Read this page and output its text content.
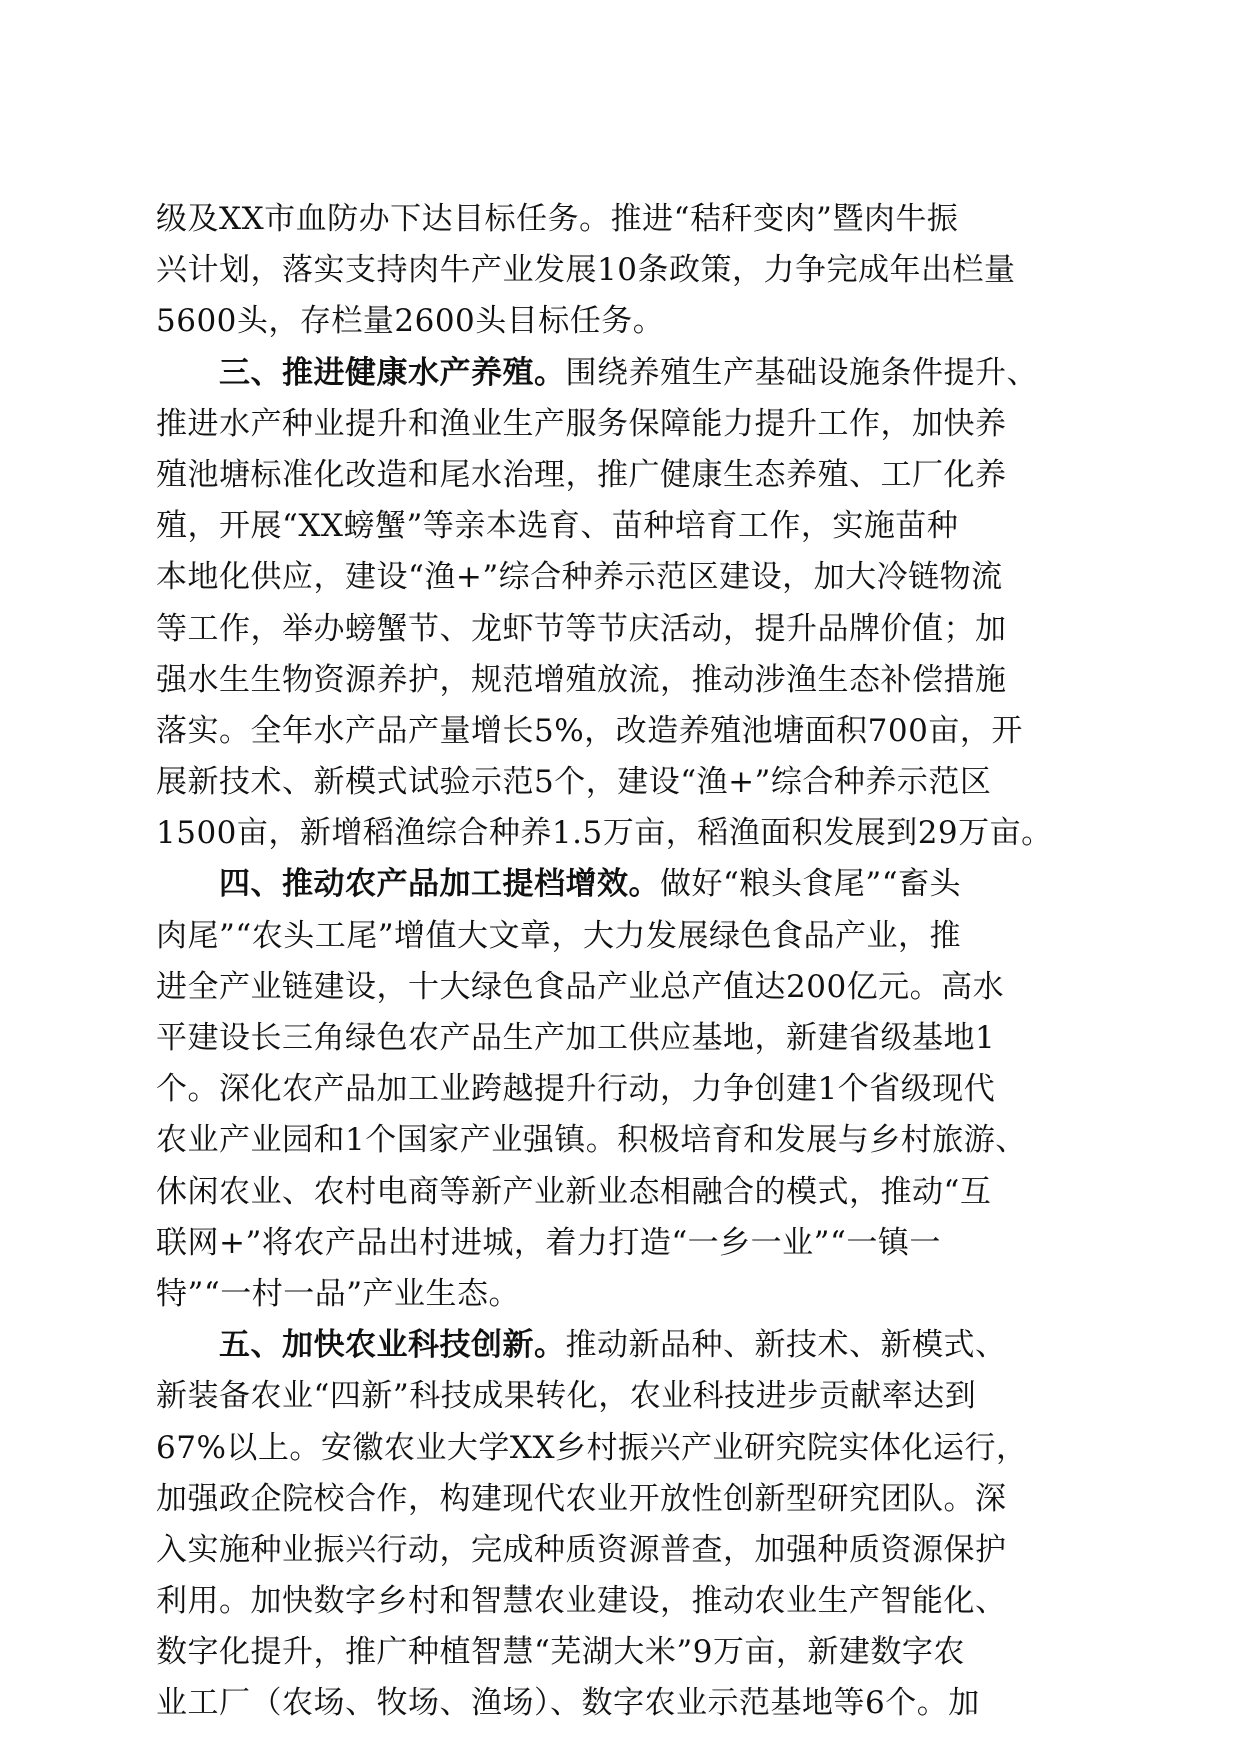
级及XX市血防办下达目标任务。推进“秸秆变肉”暨肉牛振
兴计划，落实支持肉牛产业发展10条政策，力争完成年出栏量
5600头，存栏量2600头目标任务。
三、推进健康水产养殖。围绕养殖生产基础设施条件提升、
推进水产种业提升和渔业生产服务保障能力提升工作，加快养
殖池塘标准化改造和尾水治理，推广健康生态养殖、工厂化养
殖，开展“XX螃蟹”等亲本选育、苗种培育工作，实施苗种
本地化供应，建设“渔+”综合种养示范区建设，加大冷链物流
等工作，举办螃蟹节、龙虾节等节庆活动，提升品牌价值；加
强水生生物资源养护，规范增殖放流，推动涉渔生态补偿措施
落实。全年水产品产量增长5%，改造养殖池塘面积700亩，开
展新技术、新模式试验示范5个，建设“渔+”综合种养示范区
1500亩，新增稻渔综合种养1.5万亩，稻渔面积发展到29万亩。
四、推动农产品加工提档增效。做好“粮头食尾”“畜头
肉尾”“农头工尾”增值大文章，大力发展绿色食品产业，推
进全产业链建设，十大绿色食品产业总产值达200亿元。高水
平建设长三角绿色农产品生产加工供应基地，新建省级基地1
个。深化农产品加工业跨越提升行动，力争创建1个省级现代
农业产业园和1个国家产业强镇。积极培育和发展与乡村旅游、
休闲农业、农村电商等新产业新业态相融合的模式，推动“互
联网+”将农产品出村进城，着力打造“一乡一业”“一镇一
特”“一村一品”产业生态。
五、加快农业科技创新。推动新品种、新技术、新模式、
新装备农业“四新”科技成果转化，农业科技进步贡献率达到
67%以上。安徽农业大学XX乡村振兴产业研究院实体化运行，
加强政企院校合作，构建现代农业开放性创新型研究团队。深
入实施种业振兴行动，完成种质资源普查，加强种质资源保护
利用。加快数字乡村和智慧农业建设，推动农业生产智能化、
数字化提升，推广种植智慧“芜湖大米”9万亩，新建数字农
业工厂（农场、牧场、渔场）、数字农业示范基地等6个。加
